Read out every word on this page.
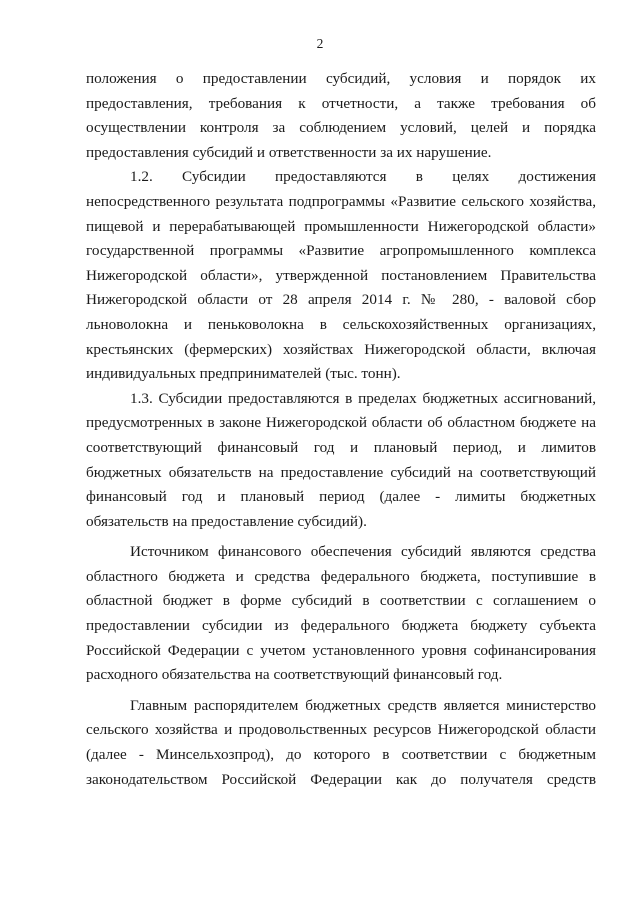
2

положения о предоставлении субсидий, условия и порядок их

предоставления, требования к отчетности, а также требования об

осуществлении контроля за соблюдением условий, целей и порядка

предоставления субсидий и ответственности за их нарушение.

1.2. Субсидии предоставляются в целях достижения

непосредственного результата подпрограммы «Развитие сельского хозяйства,

пищевой и перерабатывающей промышленности Нижегородской области»

государственной программы «Развитие агропромышленного комплекса

Нижегородской области», утвержденной постановлением Правительства

Нижегородской области от 28 апреля 2014 г. № 280, - валовой сбор

льноволокна и пеньковолокна в сельскохозяйственных организациях,

крестьянских (фермерских) хозяйствах Нижегородской области, включая

индивидуальных предпринимателей (тыс. тонн).

1.3. Субсидии предоставляются в пределах бюджетных ассигнований,

предусмотренных в законе Нижегородской области об областном бюджете на

соответствующий финансовый год и плановый период, и лимитов

бюджетных обязательств на предоставление субсидий на соответствующий

финансовый год и плановый период (далее - лимиты бюджетных

обязательств на предоставление субсидий).

Источником финансового обеспечения субсидий являются средства

областного бюджета и средства федерального бюджета, поступившие в

областной бюджет в форме субсидий в соответствии с соглашением о

предоставлении субсидии из федерального бюджета бюджету субъекта

Российской Федерации с учетом установленного уровня софинансирования

расходного обязательства на соответствующий финансовый год.

Главным распорядителем бюджетных средств является министерство

сельского хозяйства и продовольственных ресурсов Нижегородской области

(далее - Минсельхозпрод), до которого в соответствии с бюджетным

законодательством Российской Федерации как до получателя средств
